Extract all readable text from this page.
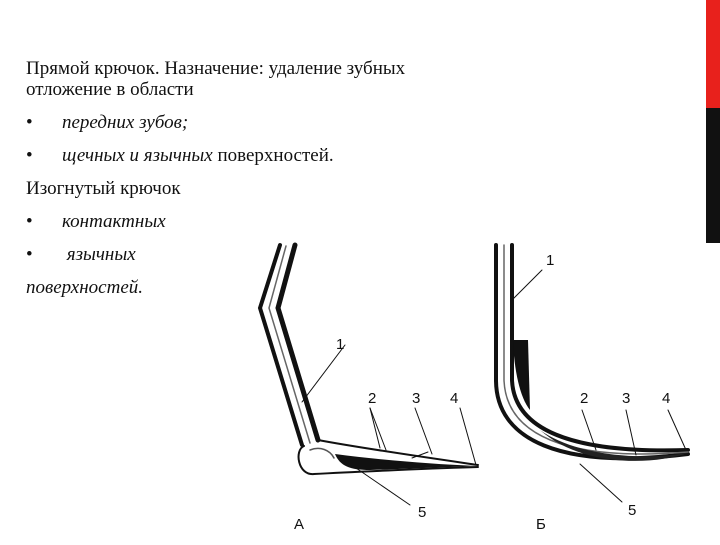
Прямой крючок. Назначение: удаление зубных
отложение в области
•	передних зубов;
•	щечных и язычных поверхностей.
Изогнутый крючок
•	контактных
•	язычных
поверхностей.
1
2 3 4
5
А
1
2 3 4
5
Б
